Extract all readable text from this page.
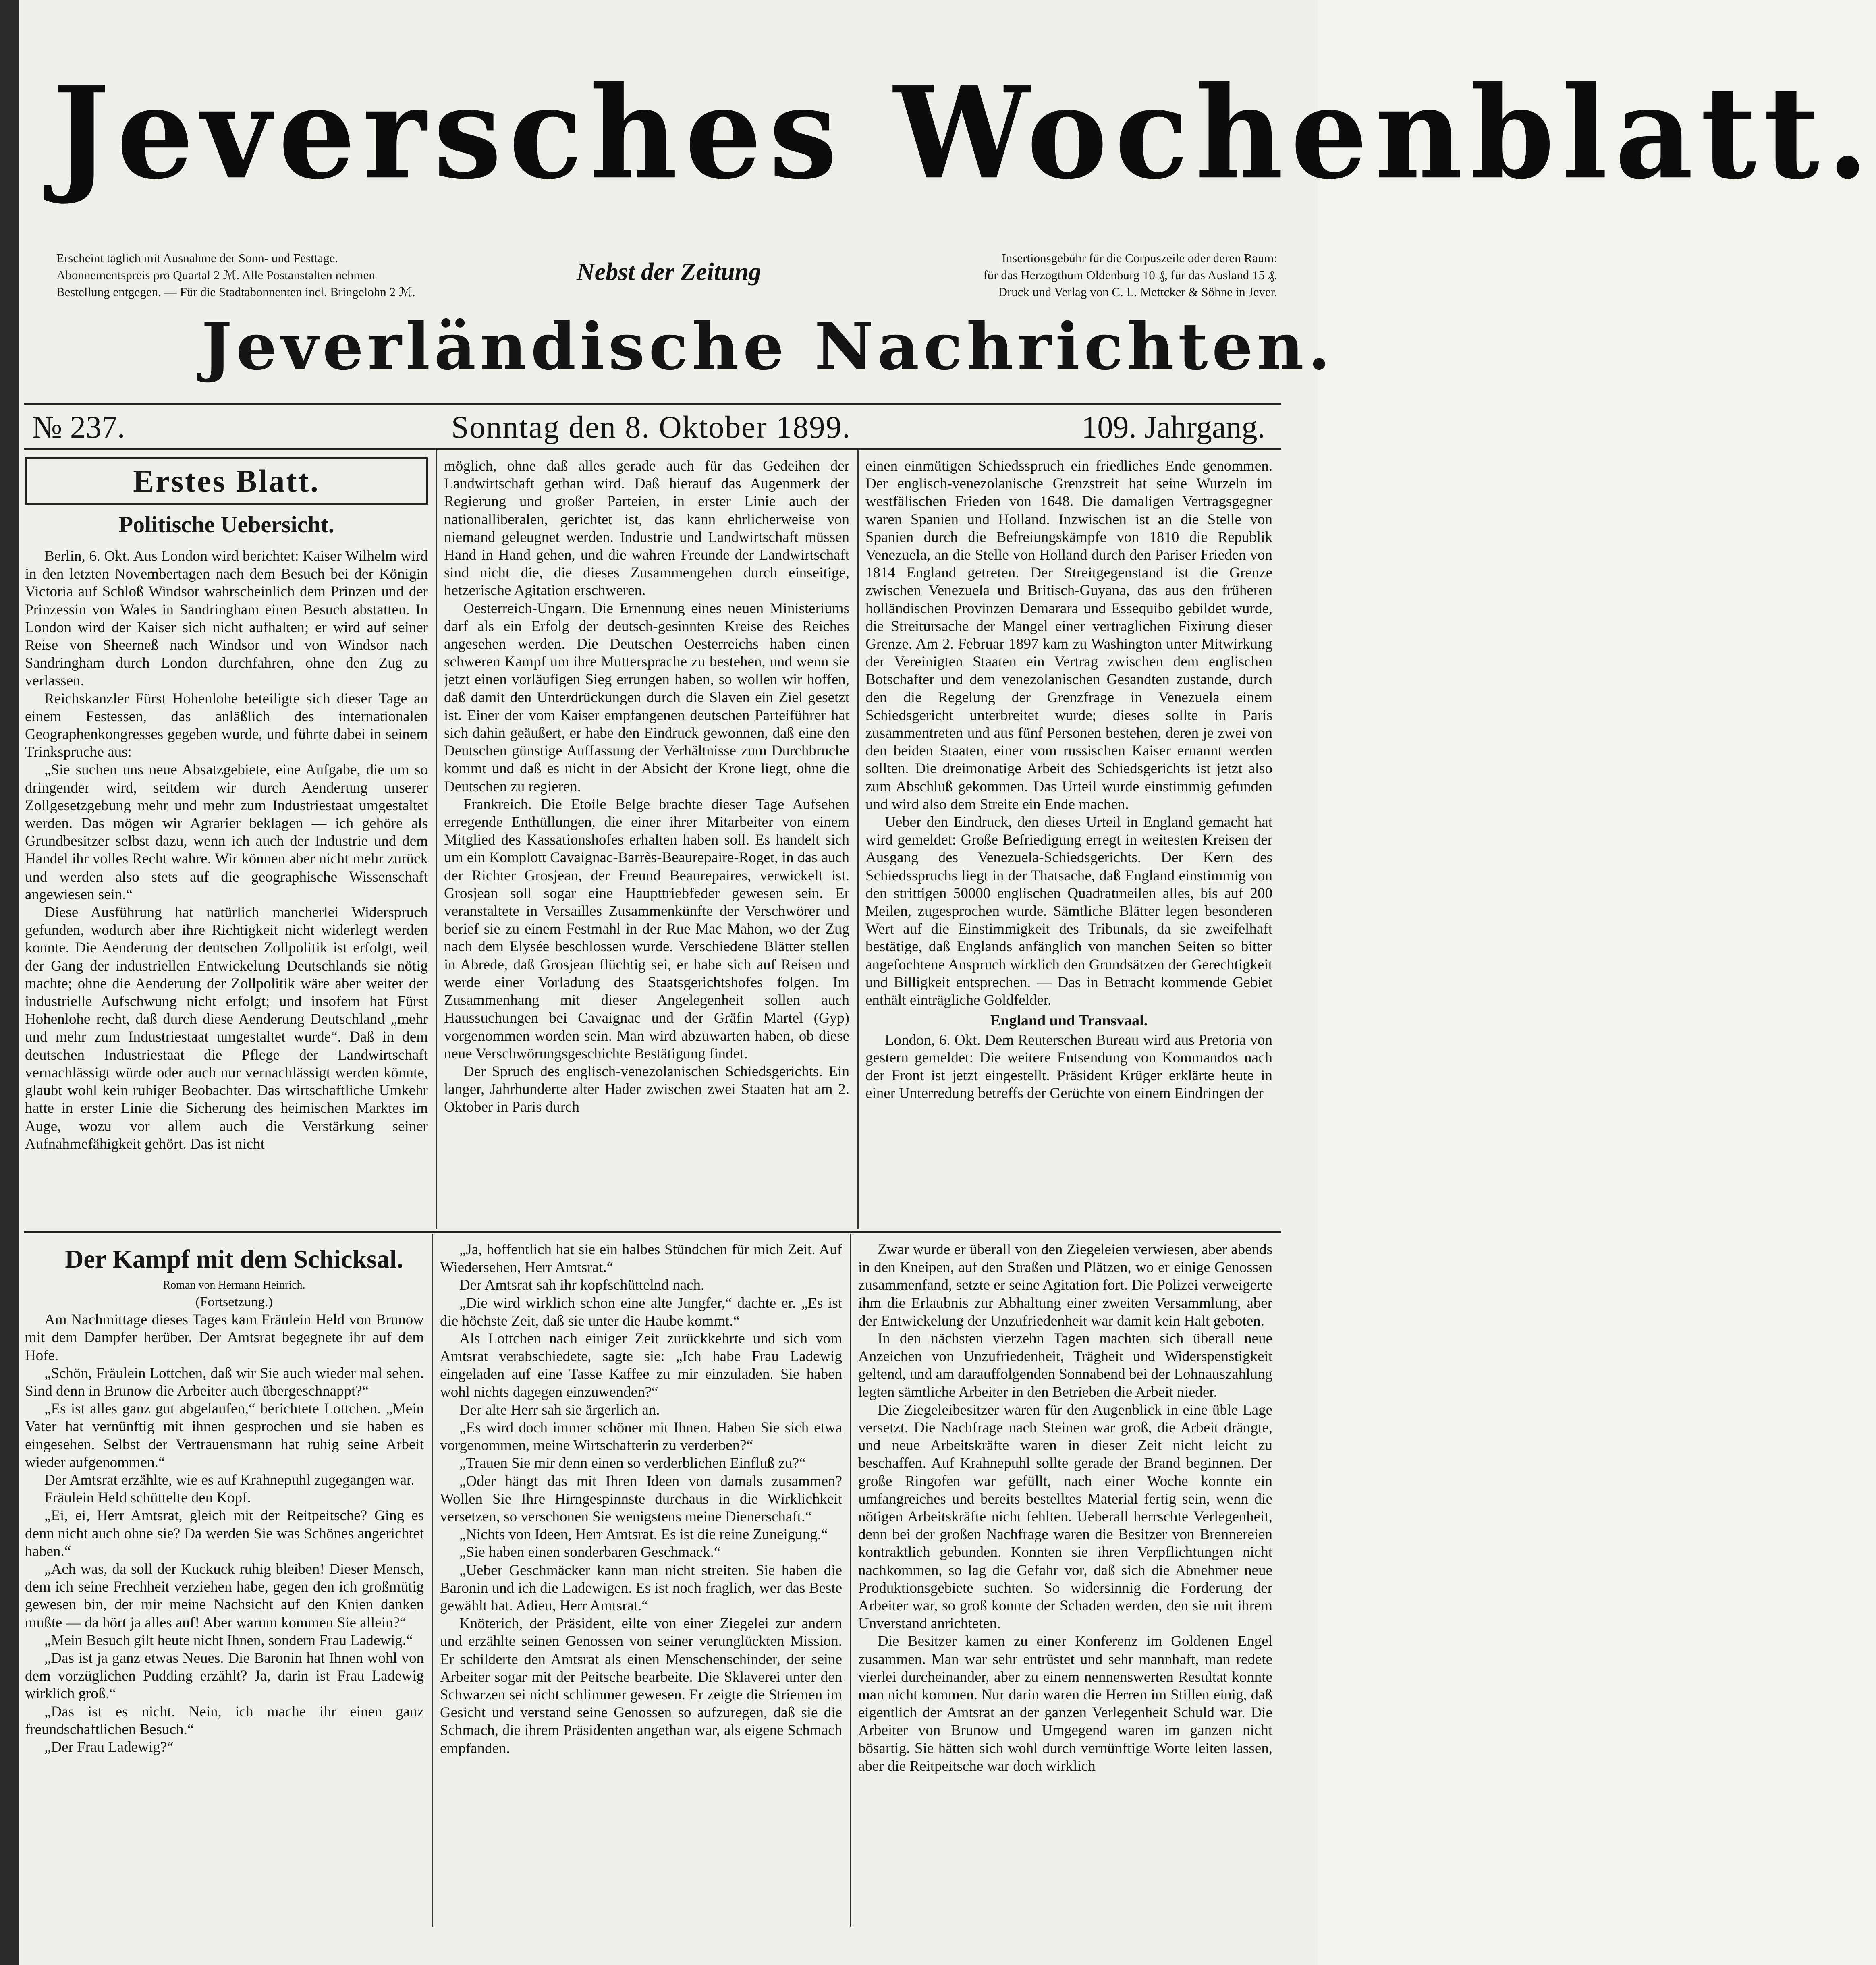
Jeversches Wochenblatt.
Erscheint täglich mit Ausnahme der Sonn- und Festtage.
Abonnementspreis pro Quartal 2 ℳ. Alle Postanstalten nehmen
Bestellung entgegen. — Für die Stadtabonnenten incl. Bringelohn 2 ℳ.
Nebst der Zeitung
Insertionsgebühr für die Corpuszeile oder deren Raum:
für das Herzogthum Oldenburg 10 ₰, für das Ausland 15 ₰.
Druck und Verlag von C. L. Mettcker & Söhne in Jever.
Jeverländische Nachrichten.
№ 237.	Sonntag den 8. Oktober 1899.	109. Jahrgang.
Erstes Blatt.

Politische Uebersicht.

Berlin, 6. Okt. Aus London wird berichtet: Kaiser Wilhelm wird in den letzten Novembertagen nach dem Besuch bei der Königin Victoria auf Schloß Windsor wahrscheinlich dem Prinzen und der Prinzessin von Wales in Sandringham einen Besuch abstatten. In London wird der Kaiser sich nicht aufhalten; er wird auf seiner Reise von Sheerneß nach Windsor und von Windsor nach Sandringham durch London durchfahren, ohne den Zug zu verlassen.

Reichskanzler Fürst Hohenlohe beteiligte sich dieser Tage an einem Festessen, das anläßlich des internationalen Geographenkongresses gegeben wurde, und führte dabei in seinem Trinkspruche aus:

„Sie suchen uns neue Absatzgebiete, eine Aufgabe, die um so dringender wird, seitdem wir durch Aenderung unserer Zollgesetzgebung mehr und mehr zum Industriestaat umgestaltet werden. Das mögen wir Agrarier beklagen — ich gehöre als Grundbesitzer selbst dazu, wenn ich auch der Industrie und dem Handel ihr volles Recht wahre. Wir können aber nicht mehr zurück und werden also stets auf die geographische Wissenschaft angewiesen sein.“

Diese Ausführung hat natürlich mancherlei Widerspruch gefunden, wodurch aber ihre Richtigkeit nicht widerlegt werden konnte. Die Aenderung der deutschen Zollpolitik ist erfolgt, weil der Gang der industriellen Entwickelung Deutschlands sie nötig machte; ohne die Aenderung der Zollpolitik wäre aber weiter der industrielle Aufschwung nicht erfolgt; und insofern hat Fürst Hohenlohe recht, daß durch diese Aenderung Deutschland „mehr und mehr zum Industriestaat umgestaltet wurde“. Daß in dem deutschen Industriestaat die Pflege der Landwirtschaft vernachlässigt würde oder auch nur vernachlässigt werden könnte, glaubt wohl kein ruhiger Beobachter. Das wirtschaftliche Umkehr hatte in erster Linie die Sicherung des heimischen Marktes im Auge, wozu vor allem auch die Verstärkung seiner Aufnahmefähigkeit gehört. Das ist nicht

möglich, ohne daß alles gerade auch für das Gedeihen der Landwirtschaft gethan wird. Daß hierauf das Augenmerk der Regierung und großer Parteien, in erster Linie auch der nationalliberalen, gerichtet ist, das kann ehrlicherweise von niemand geleugnet werden. Industrie und Landwirtschaft müssen Hand in Hand gehen, und die wahren Freunde der Landwirtschaft sind nicht die, die dieses Zusammengehen durch einseitige, hetzerische Agitation erschweren.

Oesterreich-Ungarn. Die Ernennung eines neuen Ministeriums darf als ein Erfolg der deutsch-gesinnten Kreise des Reiches angesehen werden. Die Deutschen Oesterreichs haben einen schweren Kampf um ihre Muttersprache zu bestehen, und wenn sie jetzt einen vorläufigen Sieg errungen haben, so wollen wir hoffen, daß damit den Unterdrückungen durch die Slaven ein Ziel gesetzt ist. Einer der vom Kaiser empfangenen deutschen Parteiführer hat sich dahin geäußert, er habe den Eindruck gewonnen, daß eine den Deutschen günstige Auffassung der Verhältnisse zum Durchbruche kommt und daß es nicht in der Absicht der Krone liegt, ohne die Deutschen zu regieren.

Frankreich. Die Etoile Belge brachte dieser Tage Aufsehen erregende Enthüllungen, die einer ihrer Mitarbeiter von einem Mitglied des Kassationshofes erhalten haben soll. Es handelt sich um ein Komplott Cavaignac-Barrès-Beaurepaire-Roget, in das auch der Richter Grosjean, der Freund Beaurepaires, verwickelt ist. Grosjean soll sogar eine Haupttriebfeder gewesen sein. Er veranstaltete in Versailles Zusammenkünfte der Verschwörer und berief sie zu einem Festmahl in der Rue Mac Mahon, wo der Zug nach dem Elysée beschlossen wurde. Verschiedene Blätter stellen in Abrede, daß Grosjean flüchtig sei, er habe sich auf Reisen und werde einer Vorladung des Staatsgerichtshofes folgen. Im Zusammenhang mit dieser Angelegenheit sollen auch Haussuchungen bei Cavaignac und der Gräfin Martel (Gyp) vorgenommen worden sein. Man wird abzuwarten haben, ob diese neue Verschwörungsgeschichte Bestätigung findet.

Der Spruch des englisch-venezolanischen Schiedsgerichts. Ein langer, Jahrhunderte alter Hader zwischen zwei Staaten hat am 2. Oktober in Paris durch

einen einmütigen Schiedsspruch ein friedliches Ende genommen. Der englisch-venezolanische Grenzstreit hat seine Wurzeln im westfälischen Frieden von 1648. Die damaligen Vertragsgegner waren Spanien und Holland. Inzwischen ist an die Stelle von Spanien durch die Befreiungskämpfe von 1810 die Republik Venezuela, an die Stelle von Holland durch den Pariser Frieden von 1814 England getreten. Der Streitgegenstand ist die Grenze zwischen Venezuela und Britisch-Guyana, das aus den früheren holländischen Provinzen Demarara und Essequibo gebildet wurde, die Streitursache der Mangel einer vertraglichen Fixirung dieser Grenze. Am 2. Februar 1897 kam zu Washington unter Mitwirkung der Vereinigten Staaten ein Vertrag zwischen dem englischen Botschafter und dem venezolanischen Gesandten zustande, durch den die Regelung der Grenzfrage in Venezuela einem Schiedsgericht unterbreitet wurde; dieses sollte in Paris zusammentreten und aus fünf Personen bestehen, deren je zwei von den beiden Staaten, einer vom russischen Kaiser ernannt werden sollten. Die dreimonatige Arbeit des Schiedsgerichts ist jetzt also zum Abschluß gekommen. Das Urteil wurde einstimmig gefunden und wird also dem Streite ein Ende machen.

Ueber den Eindruck, den dieses Urteil in England gemacht hat wird gemeldet: Große Befriedigung erregt in weitesten Kreisen der Ausgang des Venezuela-Schiedsgerichts. Der Kern des Schiedsspruchs liegt in der Thatsache, daß England einstimmig von den strittigen 50000 englischen Quadratmeilen alles, bis auf 200 Meilen, zugesprochen wurde. Sämtliche Blätter legen besonderen Wert auf die Einstimmigkeit des Tribunals, da sie zweifelhaft bestätige, daß Englands anfänglich von manchen Seiten so bitter angefochtene Anspruch wirklich den Grundsätzen der Gerechtigkeit und Billigkeit entsprechen. — Das in Betracht kommende Gebiet enthält einträgliche Goldfelder.

England und Transvaal.

London, 6. Okt. Dem Reuterschen Bureau wird aus Pretoria von gestern gemeldet: Die weitere Entsendung von Kommandos nach der Front ist jetzt eingestellt. Präsident Krüger erklärte heute in einer Unterredung betreffs der Gerüchte von einem Eindringen der

Der Kampf mit dem Schicksal.

Roman von Hermann Heinrich.

(Fortsetzung.)

Am Nachmittage dieses Tages kam Fräulein Held von Brunow mit dem Dampfer herüber. Der Amtsrat begegnete ihr auf dem Hofe.

„Schön, Fräulein Lottchen, daß wir Sie auch wieder mal sehen. Sind denn in Brunow die Arbeiter auch übergeschnappt?“

„Es ist alles ganz gut abgelaufen,“ berichtete Lottchen. „Mein Vater hat vernünftig mit ihnen gesprochen und sie haben es eingesehen. Selbst der Vertrauensmann hat ruhig seine Arbeit wieder aufgenommen.“

Der Amtsrat erzählte, wie es auf Krahnepuhl zugegangen war.

Fräulein Held schüttelte den Kopf.

„Ei, ei, Herr Amtsrat, gleich mit der Reitpeitsche? Ging es denn nicht auch ohne sie? Da werden Sie was Schönes angerichtet haben.“

„Ach was, da soll der Kuckuck ruhig bleiben! Dieser Mensch, dem ich seine Frechheit verziehen habe, gegen den ich großmütig gewesen bin, der mir meine Nachsicht auf den Knien danken mußte — da hört ja alles auf! Aber warum kommen Sie allein?“

„Mein Besuch gilt heute nicht Ihnen, sondern Frau Ladewig.“

„Das ist ja ganz etwas Neues. Die Baronin hat Ihnen wohl von dem vorzüglichen Pudding erzählt? Ja, darin ist Frau Ladewig wirklich groß.“

„Das ist es nicht. Nein, ich mache ihr einen ganz freundschaftlichen Besuch.“

„Der Frau Ladewig?“

„Ja, hoffentlich hat sie ein halbes Stündchen für mich Zeit. Auf Wiedersehen, Herr Amtsrat.“

Der Amtsrat sah ihr kopfschüttelnd nach.

„Die wird wirklich schon eine alte Jungfer,“ dachte er. „Es ist die höchste Zeit, daß sie unter die Haube kommt.“

Als Lottchen nach einiger Zeit zurückkehrte und sich vom Amtsrat verabschiedete, sagte sie: „Ich habe Frau Ladewig eingeladen auf eine Tasse Kaffee zu mir einzuladen. Sie haben wohl nichts dagegen einzuwenden?“

Der alte Herr sah sie ärgerlich an.

„Es wird doch immer schöner mit Ihnen. Haben Sie sich etwa vorgenommen, meine Wirtschafterin zu verderben?“

„Trauen Sie mir denn einen so verderblichen Einfluß zu?“

„Oder hängt das mit Ihren Ideen von damals zusammen? Wollen Sie Ihre Hirngespinnste durchaus in die Wirklichkeit versetzen, so verschonen Sie wenigstens meine Dienerschaft.“

„Nichts von Ideen, Herr Amtsrat. Es ist die reine Zuneigung.“

„Sie haben einen sonderbaren Geschmack.“

„Ueber Geschmäcker kann man nicht streiten. Sie haben die Baronin und ich die Ladewigen. Es ist noch fraglich, wer das Beste gewählt hat. Adieu, Herr Amtsrat.“

Knöterich, der Präsident, eilte von einer Ziegelei zur andern und erzählte seinen Genossen von seiner verunglückten Mission. Er schilderte den Amtsrat als einen Menschenschinder, der seine Arbeiter sogar mit der Peitsche bearbeite. Die Sklaverei unter den Schwarzen sei nicht schlimmer gewesen. Er zeigte die Striemen im Gesicht und verstand seine Genossen so aufzuregen, daß sie die Schmach, die ihrem Präsidenten angethan war, als eigene Schmach empfanden.

Zwar wurde er überall von den Ziegeleien verwiesen, aber abends in den Kneipen, auf den Straßen und Plätzen, wo er einige Genossen zusammenfand, setzte er seine Agitation fort. Die Polizei verweigerte ihm die Erlaubnis zur Abhaltung einer zweiten Versammlung, aber der Entwickelung der Unzufriedenheit war damit kein Halt geboten.

In den nächsten vierzehn Tagen machten sich überall neue Anzeichen von Unzufriedenheit, Trägheit und Widerspenstigkeit geltend, und am darauffolgenden Sonnabend bei der Lohnauszahlung legten sämtliche Arbeiter in den Betrieben die Arbeit nieder.

Die Ziegeleibesitzer waren für den Augenblick in eine üble Lage versetzt. Die Nachfrage nach Steinen war groß, die Arbeit drängte, und neue Arbeitskräfte waren in dieser Zeit nicht leicht zu beschaffen. Auf Krahnepuhl sollte gerade der Brand beginnen. Der große Ringofen war gefüllt, nach einer Woche konnte ein umfangreiches und bereits bestelltes Material fertig sein, wenn die nötigen Arbeitskräfte nicht fehlten. Ueberall herrschte Verlegenheit, denn bei der großen Nachfrage waren die Besitzer von Brennereien kontraktlich gebunden. Konnten sie ihren Verpflichtungen nicht nachkommen, so lag die Gefahr vor, daß sich die Abnehmer neue Produktionsgebiete suchten. So widersinnig die Forderung der Arbeiter war, so groß konnte der Schaden werden, den sie mit ihrem Unverstand anrichteten.

Die Besitzer kamen zu einer Konferenz im Goldenen Engel zusammen. Man war sehr entrüstet und sehr mannhaft, man redete vierlei durcheinander, aber zu einem nennenswerten Resultat konnte man nicht kommen. Nur darin waren die Herren im Stillen einig, daß eigentlich der Amtsrat an der ganzen Verlegenheit Schuld war. Die Arbeiter von Brunow und Umgegend waren im ganzen nicht bösartig. Sie hätten sich wohl durch vernünftige Worte leiten lassen, aber die Reitpeitsche war doch wirklich
